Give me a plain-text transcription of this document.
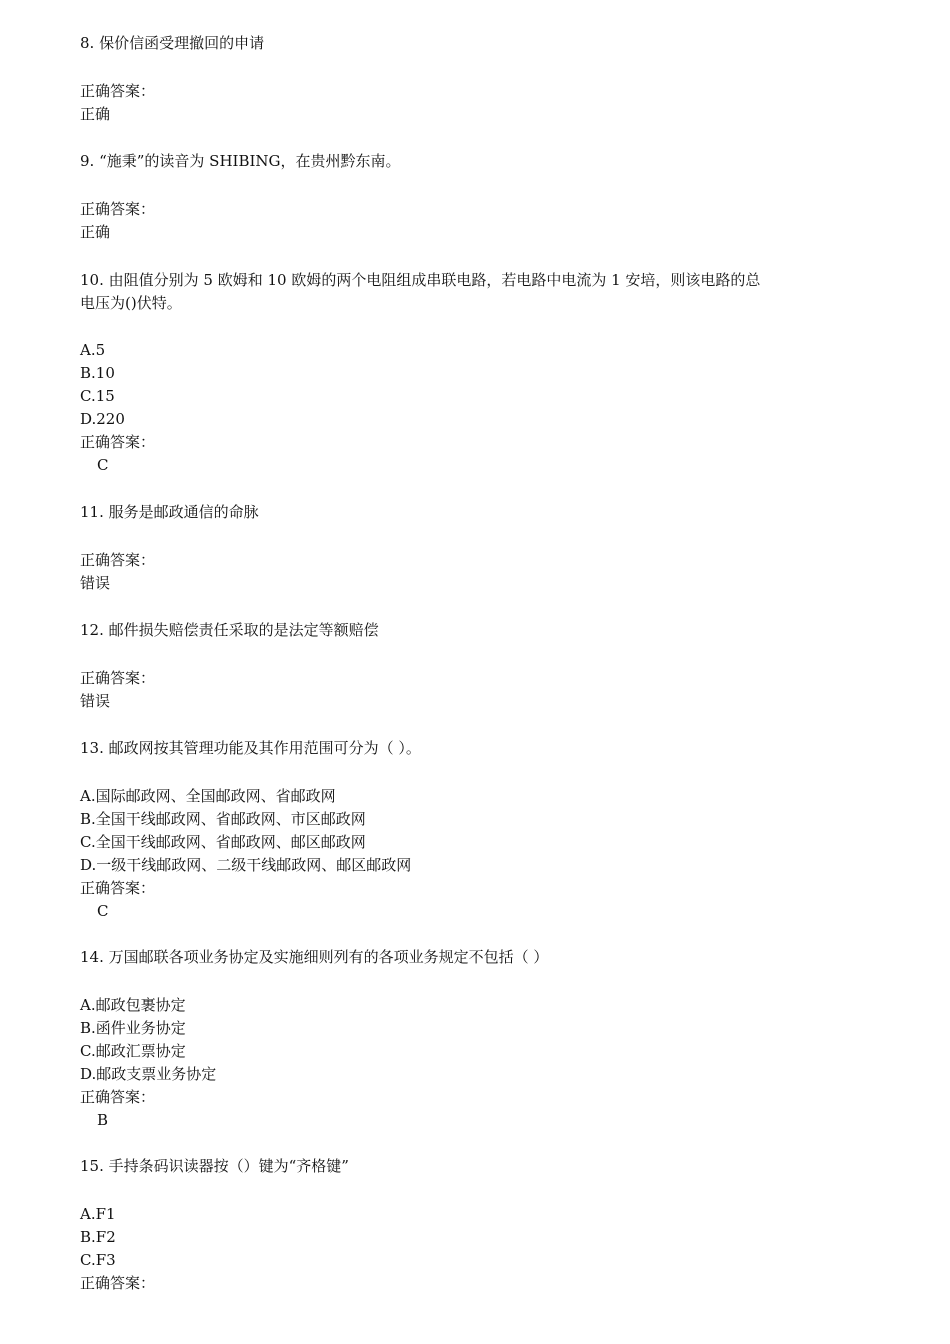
8. 保价信函受理撤回的申请
正确答案：
正确
9. “施秉”的读音为 SHIBING，在贵州黔东南。
正确答案：
正确
10. 由阻值分别为 5 欧姆和 10 欧姆的两个电阻组成串联电路，若电路中电流为 1 安培，则该电路的总
电压为()伏特。
A.5
B.10
C.15
D.220
正确答案：
C
11. 服务是邮政通信的命脉
正确答案：
错误
12. 邮件损失赔偿责任采取的是法定等额赔偿
正确答案：
错误
13. 邮政网按其管理功能及其作用范围可分为（ ）。
A.国际邮政网、全国邮政网、省邮政网
B.全国干线邮政网、省邮政网、市区邮政网
C.全国干线邮政网、省邮政网、邮区邮政网
D.一级干线邮政网、二级干线邮政网、邮区邮政网
正确答案：
C
14. 万国邮联各项业务协定及实施细则列有的各项业务规定不包括（ ）
A.邮政包裹协定
B.函件业务协定
C.邮政汇票协定
D.邮政支票业务协定
正确答案：
B
15. 手持条码识读器按（）键为“齐格键”
A.F1
B.F2
C.F3
正确答案：
